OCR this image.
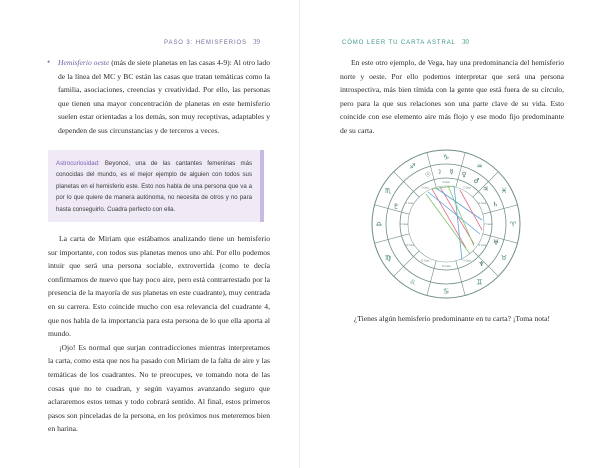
PASO 3: HEMISFERIOS 39
• Hemisferio oeste (más de siete planetas en las casas 4-9): Al otro lado de la línea del MC y BC están las casas que tratan temáticas como la familia, asociaciones, creencias y creatividad. Por ello, las personas que tienen una mayor concentración de planetas en este hemisferio suelen estar orientadas a los demás, son muy receptivas, adaptables y dependen de sus circunstancias y de terceros a veces.

Astrocuriosidad: Beyoncé, una de las cantantes femeninas más conocidas del mundo, es el mejor ejemplo de alguien con todos sus planetas en el hemisferio este. Esto nos habla de una persona que va a por lo que quiere de manera autónoma, no necesita de otros y no para hasta conseguirlo. Cuadra perfecto con ella.

La carta de Miriam que estábamos analizando tiene un hemisferio sur importante, con todos sus planetas menos uno ahí. Por ello podemos intuir que será una persona sociable, extrovertida (como te decía confirmamos de nuevo que hay poco aire, pero está contrarrestado por la presencia de la mayoría de sus planetas en este cuadrante), muy centrada en su carrera. Esto coincide mucho con esa relevancia del cuadrante 4, que nos habla de la importancia para esta persona de lo que ella aporta al mundo.

¡Ojo! Es normal que surjan contradicciones mientras interpretamos la carta, como esta que nos ha pasado con Miriam de la falta de aire y las temáticas de los cuadrantes. No te preocupes, ve tomando nota de las cosas que no te cuadran, y según vayamos avanzando seguro que aclararemos estos temas y todo cobrará sentido. Al final, estos primeros pasos son pinceladas de la persona, en los próximos nos meteremos bien en harina.

CÓMO LEER TU CARTA ASTRAL 30

En este otro ejemplo, de Vega, hay una predominancia del hemisferio norte y oeste. Por ello podemos interpretar que será una persona introspectiva, más bien tímida con la gente que está fuera de su círculo, pero para la que sus relaciones son una parte clave de su vida. Esto coincide con ese elemento aire más flojo y ese modo fijo predominante de su carta.

♈
♉
♊
♋
♌
♍
♎
♏
♐
♑
♒
♓
☉ ☽ ☿ ♀
♂
♃
♄
♅
♆
♇
1 Casa
2 Casa
3 Casa
4 Casa
5 Casa
6 Casa
7 Casa
8 Casa
9 Casa
10 Casa
11 Casa
12 Casa
¿Tienes algún hemisferio predominante en tu carta? ¡Toma nota!
